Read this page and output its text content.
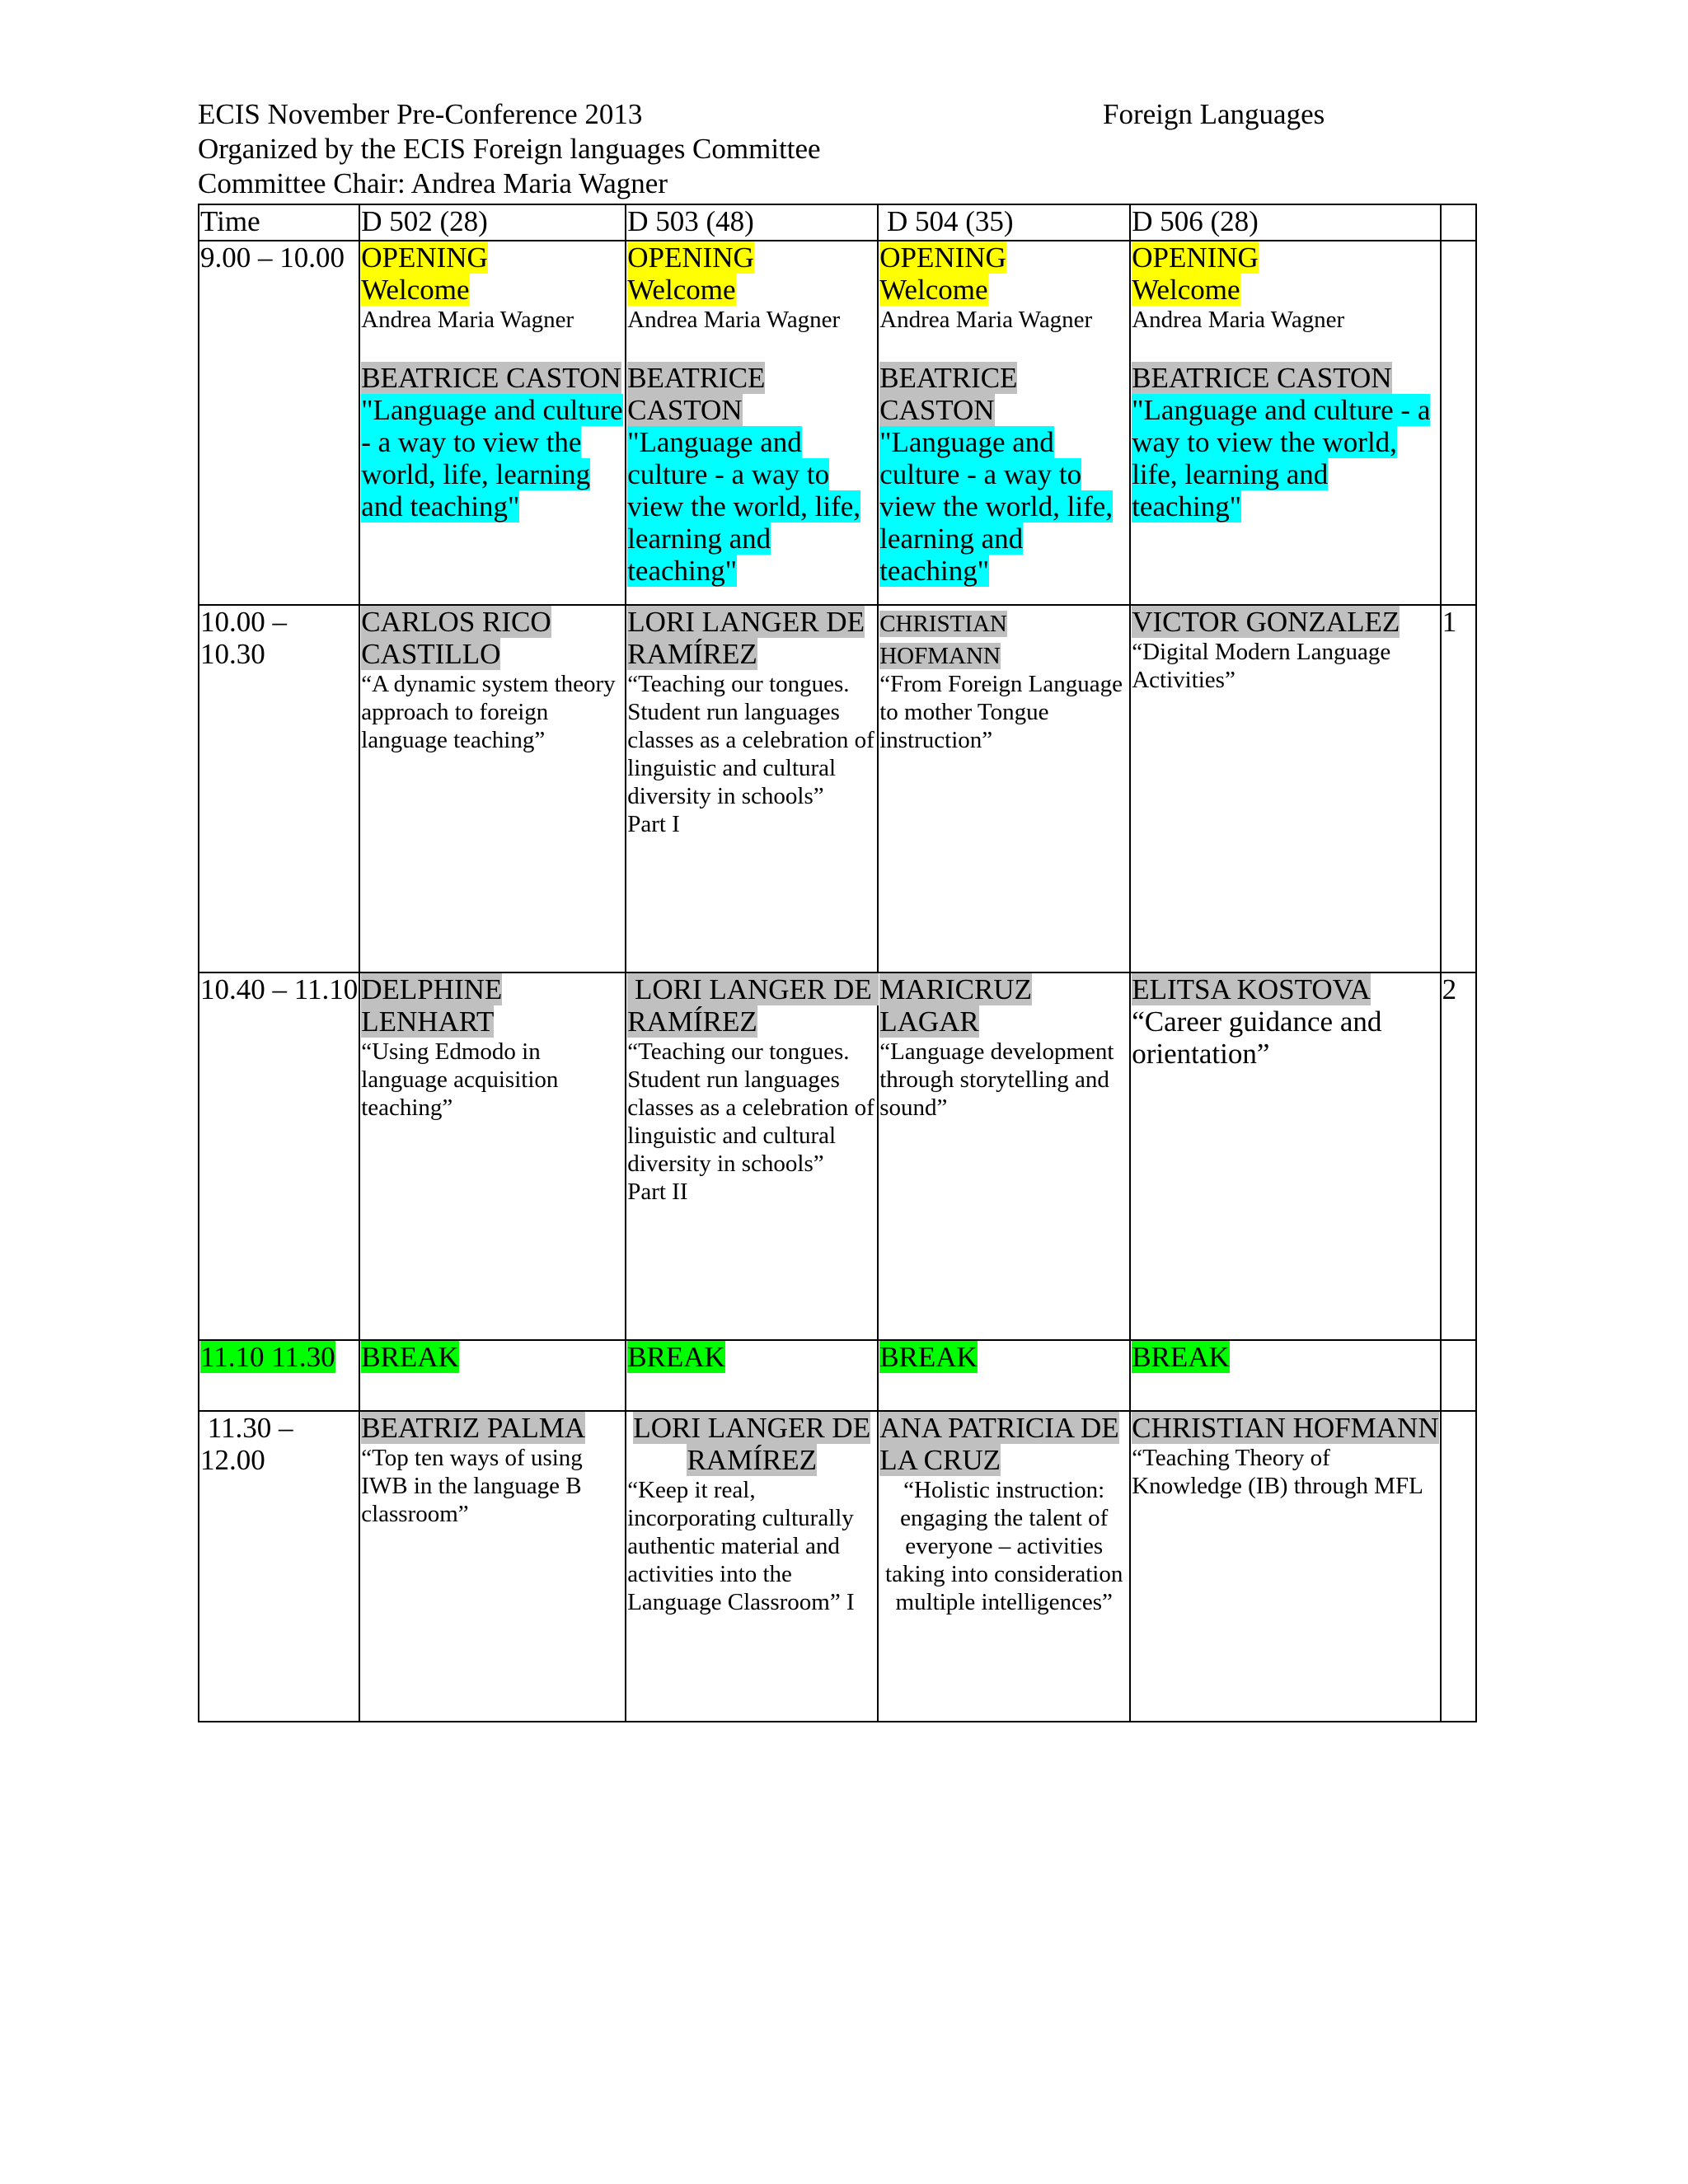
ECIS November Pre-Conference 2013	Foreign Languages
Organized by the ECIS Foreign languages Committee
Committee Chair: Andrea Maria Wagner
Time	D 502 (28)	D 503 (48)	D 504 (35)	D 506 (28)	
9.00 – 10.00	OPENING
Welcome

Andrea Maria Wagner
BEATRICE CASTON
"Language and culture - a way to view the world, life, learning and teaching"	OPENING
Welcome

Andrea Maria Wagner
BEATRICE CASTON
"Language and culture - a way to view the world, life, learning and teaching"	OPENING
Welcome

Andrea Maria Wagner
BEATRICE CASTON
"Language and culture - a way to view the world, life, learning and teaching"	OPENING
Welcome

Andrea Maria Wagner
BEATRICE CASTON
"Language and culture - a way to view the world, life, learning and teaching"	
10.00 – 10.30	CARLOS RICO CASTILLO
“A dynamic system theory approach to foreign language teaching”	LORI LANGER DE RAMÍREZ
“Teaching our tongues. Student run languages classes as a celebration of linguistic and cultural diversity in schools”
Part I	CHRISTIAN HOFMANN
“From Foreign Language to mother Tongue instruction”	VICTOR GONZALEZ
“Digital Modern Language Activities”	1
10.40 – 11.10	DELPHINE LENHART
“Using Edmodo in language acquisition teaching”	LORI LANGER DE RAMÍREZ
“Teaching our tongues. Student run languages classes as a celebration of linguistic and cultural diversity in schools”
Part II	MARICRUZ LAGAR
“Language development through storytelling and sound”	ELITSA KOSTOVA
“Career guidance and orientation”	2
11.10 11.30	BREAK	BREAK	BREAK	BREAK	
11.30 – 12.00	BEATRIZ PALMA
“Top ten ways of using IWB in the language B classroom”	LORI LANGER DE RAMÍREZ
“Keep it real, incorporating culturally authentic material and activities into the Language Classroom” I	ANA PATRICIA DE LA CRUZ
“Holistic instruction: engaging the talent of everyone – activities taking into consideration multiple intelligences”	CHRISTIAN HOFMANN
“Teaching Theory of Knowledge (IB) through MFL	
